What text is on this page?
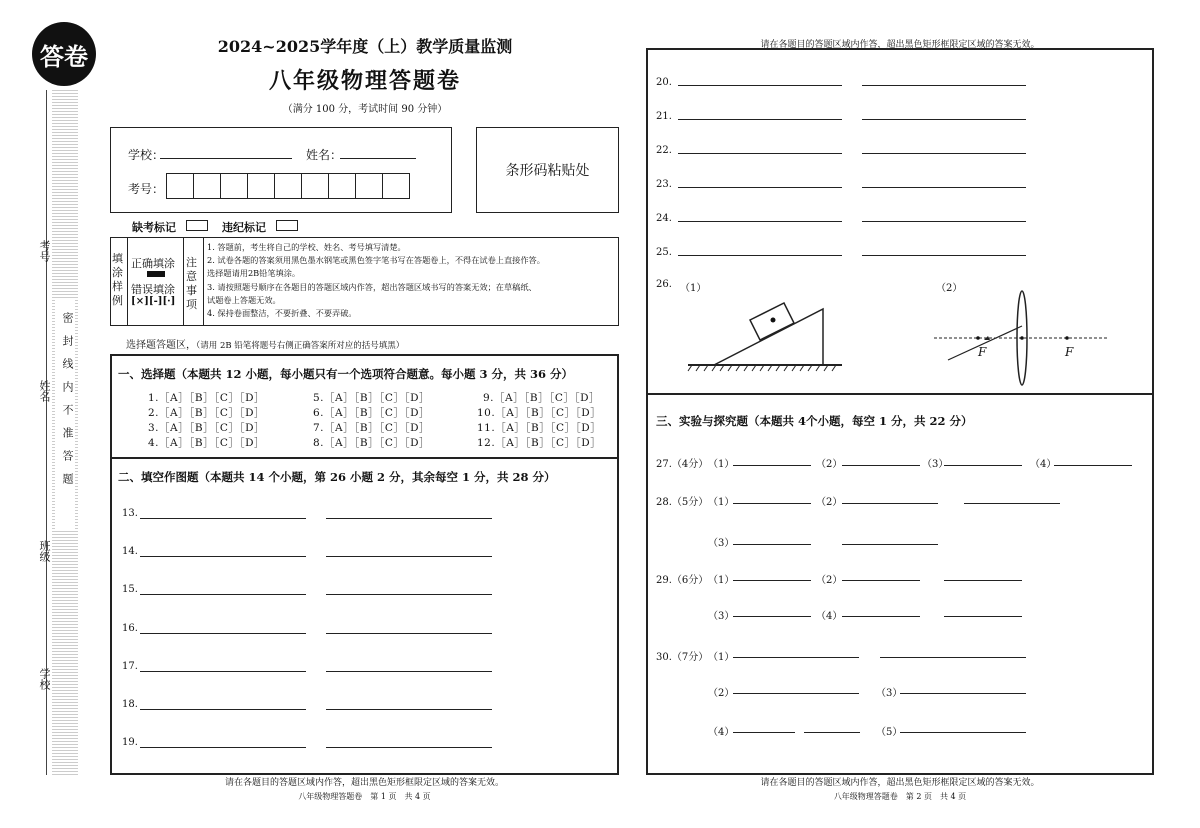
答卷
考号
姓名
班级
学校
密封线内不准答题
2024~2025学年度（上）教学质量监测
八年级物理答题卷
（满分 100 分，考试时间 90 分钟）
学校：	姓名：
考号：
条形码粘贴处
缺考标记	违纪标记
填涂样例
正确填涂
错误填涂
[×][-][·]
注意事项
1. 答题前，考生将自己的学校、姓名、考号填写清楚。
2. 试卷各题的答案须用黑色墨水钢笔或黑色签字笔书写在答题卷上，不得在试卷上直接作答。
选择题请用2B铅笔填涂。
3. 请按照题号顺序在各题目的答题区域内作答，超出答题区域书写的答案无效；在草稿纸、
试题卷上答题无效。
4. 保持卷面整洁，不要折叠、不要弄破。
选择题答题区，（请用 2B 铅笔将题号右侧正确答案所对应的括号填黑）
一、选择题（本题共 12 小题，每小题只有一个选项符合题意。每小题 3 分，共 36 分）
1.［A］［B］［C］［D］
2.［A］［B］［C］［D］
3.［A］［B］［C］［D］
4.［A］［B］［C］［D］
5.［A］［B］［C］［D］
6.［A］［B］［C］［D］
7.［A］［B］［C］［D］
8.［A］［B］［C］［D］
9.［A］［B］［C］［D］
10.［A］［B］［C］［D］
11.［A］［B］［C］［D］
12.［A］［B］［C］［D］
二、填空作图题（本题共 14 个小题，第 26 小题 2 分，其余每空 1 分，共 28 分）
13.
14.
15.
16.
17.
18.
19.
请在各题目的答题区域内作答，超出黑色矩形框限定区域的答案无效。
八年级物理答题卷　第 1 页　共 4 页
请在各题目的答题区域内作答，超出黑色矩形框限定区域的答案无效。
20.
21.
22.
23.
24.
25.
26. （1）	（2）
F	F
三、实验与探究题（本题共 4个小题，每空 1 分，共 22 分）
27.（4分） （1）	（2）	（3）	（4）
28.（5分） （1）	（2）
（3）
29.（6分） （1）	（2）
（3）	（4）
30.（7分） （1）
（2）	（3）
（4）	（5）
请在各题目的答题区域内作答，超出黑色矩形框限定区域的答案无效。
八年级物理答题卷　第 2 页　共 4 页
